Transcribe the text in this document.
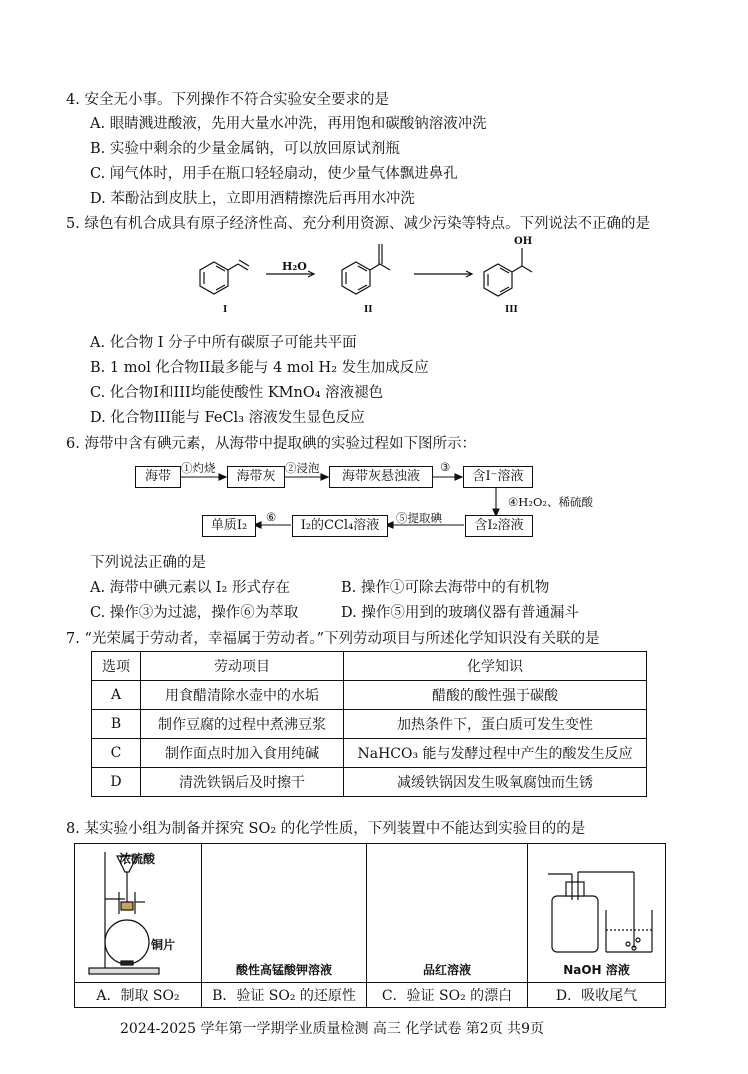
4. 安全无小事。下列操作不符合实验安全要求的是
A. 眼睛溅进酸液，先用大量水冲洗，再用饱和碳酸钠溶液冲洗
B. 实验中剩余的少量金属钠，可以放回原试剂瓶
C. 闻气体时，用手在瓶口轻轻扇动，使少量气体飘进鼻孔
D. 苯酚沾到皮肤上，立即用酒精擦洗后再用水冲洗
5. 绿色有机合成具有原子经济性高、充分利用资源、减少污染等特点。下列说法不正确的是
H₂O
OH
I	II	III
A. 化合物 I 分子中所有碳原子可能共平面
B. 1 mol 化合物II最多能与 4 mol H₂ 发生加成反应
C. 化合物I和III均能使酸性 KMnO₄ 溶液褪色
D. 化合物III能与 FeCl₃ 溶液发生显色反应
6. 海带中含有碘元素，从海带中提取碘的实验过程如下图所示：
海带	海带灰	海带灰悬浊液	含I⁻溶液
含I₂溶液
I₂的CCl₄溶液
单质I₂
①灼烧	②浸泡	③
④H₂O₂、稀硫酸
⑤提取碘
⑥
下列说法正确的是
A. 海带中碘元素以 I₂ 形式存在	B. 操作①可除去海带中的有机物
C. 操作③为过滤，操作⑥为萃取	D. 操作⑤用到的玻璃仪器有普通漏斗
7. “光荣属于劳动者，幸福属于劳动者。”下列劳动项目与所述化学知识没有关联的是
选项	劳动项目	化学知识
A	用食醋清除水壶中的水垢	醋酸的酸性强于碳酸
B	制作豆腐的过程中煮沸豆浆	加热条件下，蛋白质可发生变性
C	制作面点时加入食用纯碱	NaHCO₃ 能与发酵过程中产生的酸发生反应
D	清洗铁锅后及时擦干	减缓铁锅因发生吸氧腐蚀而生锈
8. 某实验小组为制备并探究 SO₂ 的化学性质，下列装置中不能达到实验目的的是
浓硫酸
铜片	酸性高锰酸钾溶液	品红溶液	NaOH 溶液

A．制取 SO₂	B．验证 SO₂ 的还原性	C．验证 SO₂ 的漂白	D．吸收尾气
2024-2025 学年第一学期学业质量检测 高三 化学试卷 第2页 共9页
